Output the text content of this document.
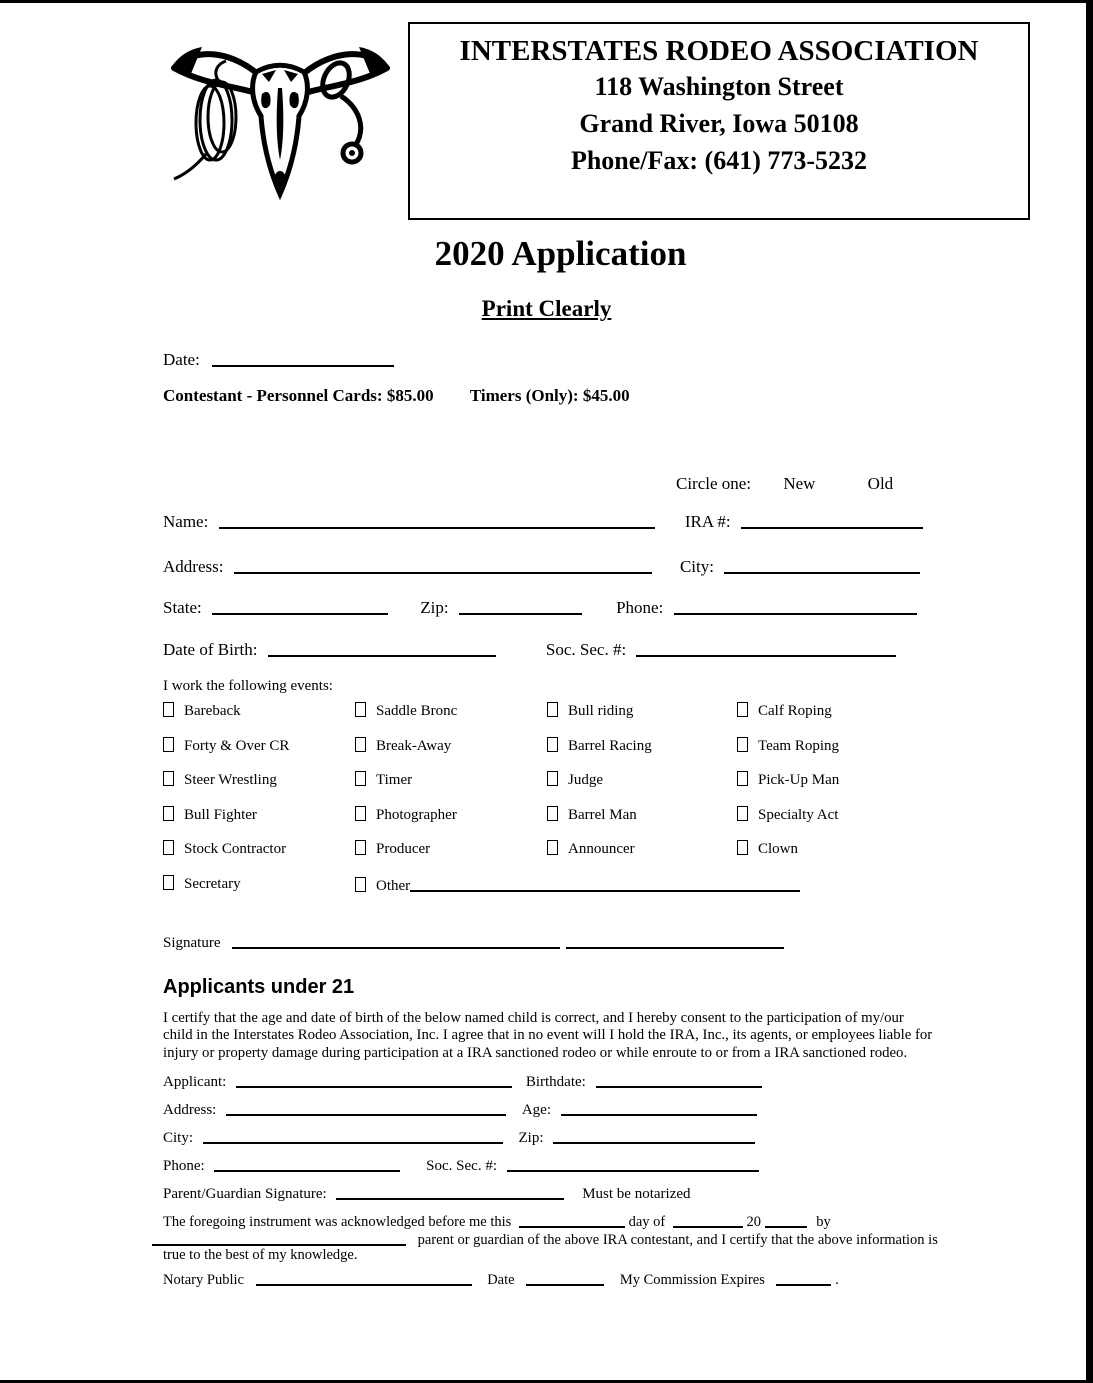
INTERSTATES RODEO ASSOCIATION
118 Washington Street
Grand River, Iowa 50108
Phone/Fax: (641) 773-5232
2020 Application
Print Clearly
Date:
Contestant - Personnel Cards: $85.00 Timers (Only): $45.00
Circle one: New	Old
Name:	IRA #:
Address:	City:
State:	Zip:	Phone:
Date of Birth:	Soc. Sec. #:
I work the following events:
Bareback	Saddle Bronc	Bull riding	Calf Roping
Forty & Over CR	Break-Away	Barrel Racing	Team Roping
Steer Wrestling	Timer	Judge	Pick-Up Man
Bull Fighter	Photographer	Barrel Man	Specialty Act
Stock Contractor	Producer	Announcer	Clown
Secretary	Other
Signature
Applicants under 21
I certify that the age and date of birth of the below named child is correct, and I hereby consent to the participation of my/our child in the Interstates Rodeo Association, Inc. I agree that in no event will I hold the IRA, Inc., its agents, or employees liable for injury or property damage during participation at a IRA sanctioned rodeo or while enroute to or from a IRA sanctioned rodeo.
Applicant:	Birthdate:
Address:	Age:
City:	Zip:
Phone:	Soc. Sec. #:
Parent/Guardian Signature:	Must be notarized
The foregoing instrument was acknowledged before me this	day of	20	by
parent or guardian of the above IRA contestant, and I certify that the above information is
true to the best of my knowledge.
Notary Public	Date	My Commission Expires	.
